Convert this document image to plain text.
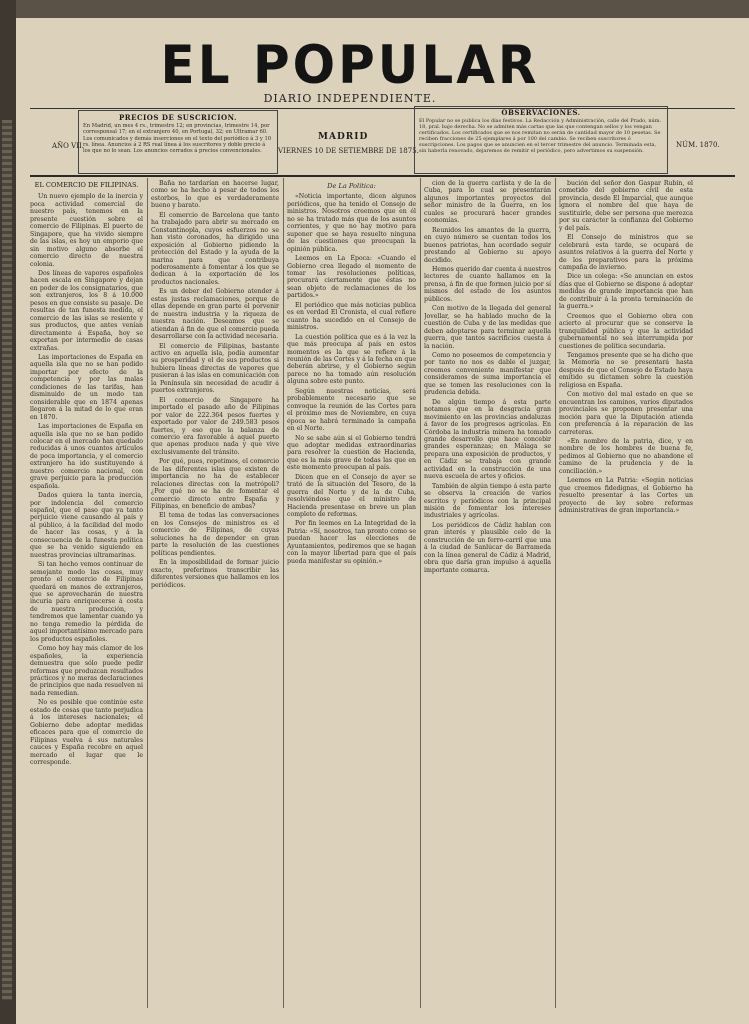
EL POPULAR
DIARIO INDEPENDIENTE.
PRECIOS DE SUSCRICION.
En Madrid, un mes 4 rs., trimestre 12; en provincias, trimestre 14, por corresponsal 17; en el extranjero 40, en Portugal, 32; en Ultramar 60. Los comunicados y demás inserciones en el texto del periódico á 3 y 10 rs. línea. Anuncios á 2 RS real línea á los suscritores y doble precio á los que no lo sean. Los anuncios cerrados á precios convencionales.
AÑO VII.
MADRID
VIERNES 10 DE SETIEMBRE DE 1875.
OBSERVACIONES.
El Popular no se publica los días festivos. La Redacción y Administración, calle del Prado, núm. 18, pral. bajo derecha. No se admiten más cartas que las que contengan sellos y los vengan certificados. Los certificados que se nos remitan no serán de cantidad mayor de 10 pesetas. Se reciben fracciones de 25 ejemplares á por 100 del cambio. Se reciben suscritores ó suscripciones. Los pagos que se anuncien en el tercer trimestre del anuncio. Terminada esta, sin haberla renovado, dejaremos de remitir el periódico, pero advertimos su suspensión.
NÚM. 1870.
EL COMERCIO DE FILIPINAS.

Un nuevo ejemplo de la inercia y poca actividad comercial de nuestro país, tenemos en la presente cuestión sobre el comercio de Filipinas. El puerto de Singapore, que ha vivido siempre de las islas, es hoy un emporio que sin motivo alguno absorbe el comercio directo de nuestra colonia.

Dos líneas de vapores españoles hacen escala en Singapore y dejan en poder de los consignatarios, que son extranjeros, los 8 á 10.000 pesos en que consiste su pasaje. De resultas de tan funesta medida, el comercio de las islas se resiente y sus productos, que antes venían directamente á España, hoy se exportan por intermedio de casas extrañas.

Las importaciones de España en aquella isla que no se han podido importar por efecto de la competencia y por las malas condiciones de las tarifas, han disminuido de un modo tan considerable que en 1874 apenas llegaron á la mitad de lo que eran en 1870.

Las importaciones de España en aquella isla que no se han podido colocar en el mercado han quedado reducidas á unos cuantos artículos de poca importancia, y el comercio extranjero ha ido sustituyendo á nuestro comercio nacional, con grave perjuicio para la producción española.

Dados quiera la tanta inercia, por indolencia del comercio español, que el paso que ya tanto perjuicio viene causando al país y al público, á la facilidad del modo de hacer las cosas, y á la consecuencia de la funesta política que se ha venido siguiendo en nuestras provincias ultramarinas.

Si tan hecho vemos continuar de semejante modo las cosas, muy pronto el comercio de Filipinas quedará en manos de extranjeros, que se aprovecharán de nuestra incuria para enriquecerse á costa de nuestra producción, y tendremos que lamentar cuando ya no tenga remedio la pérdida de aquel importantísimo mercado para los productos españoles.

Como hoy hay más clamor de los españoles, la experiencia demuestra que sólo puede pedir reformas que produzcan resultados prácticos y no meras declaraciones de principios que nada resuelven ni nada remedian.

No es posible que continúe este estado de cosas que tanto perjudica á los intereses nacionales; el Gobierno debe adoptar medidas eficaces para que el comercio de Filipinas vuelva á sus naturales cauces y España recobre en aquel mercado el lugar que le corresponde.

Baña no tardarían en hacerse lugar, como se ha hecho á pesar de todos los estorbos, lo que es verdaderamente bueno y barato.

El comercio de Barcelona que tanto ha trabajado para abrir su mercado en Constantinopla, cuyos esfuerzos no se han visto coronados, ha dirigido una exposición al Gobierno pidiendo la protección del Estado y la ayuda de la marina para que contribuya poderosamente á fomentar á los que se dedican á la exportación de los productos nacionales.

Es un deber del Gobierno atender á estas justas reclamaciones, porque de ellas depende en gran parte el porvenir de nuestra industria y la riqueza de nuestra nación. Deseamos que se atiendan á fin de que el comercio pueda desarrollarse con la actividad necesaria.

El comercio de Filipinas, bastante activo en aquella isla, podía aumentar su prosperidad y el de sus productos si hubiera líneas directas de vapores que pusieran á las islas en comunicación con la Península sin necesidad de acudir á puertos extranjeros.

El comercio de Singapore ha importado el pasado año de Filipinas por valor de 222.364 pesos fuertes y exportado por valor de 249.583 pesos fuertes, y eso que la balanza de comercio era favorable á aquel puerto que apenas produce nada y que vive exclusivamente del tránsito.

Por qué, pues, repetimos, el comercio de las diferentes islas que existen de importancia no ha de establecer relaciones directas con la metrópoli? ¿Por qué no se ha de fomentar el comercio directo entre España y Filipinas, en beneficio de ambas?

El tema de todas las conversaciones en los Consejos de ministros es el comercio de Filipinas, de cuyas soluciones ha de depender en gran parte la resolución de las cuestiones políticas pendientes.

En la imposibilidad de formar juicio exacto, preferimos transcribir las diferentes versiones que hallamos en los periódicos.

De La Política:

«Noticia importante, dicen algunos periódicos, que ha tenido el Consejo de ministros. Nosotros creemos que en él no se ha tratado más que de los asuntos corrientes, y que no hay motivo para suponer que se haya resuelto ninguna de las cuestiones que preocupan la opinión pública.

Leemos en La Época: «Cuando el Gobierno crea llegado el momento de tomar las resoluciones políticas, procurará ciertamente que éstas no sean objeto de reclamaciones de los partidos.»

El periódico que más noticias publica es en verdad El Cronista, el cual refiere cuanto ha sucedido en el Consejo de ministros.

La cuestión política que es á la vez la que más preocupa al país en estos momentos es la que se refiere á la reunión de las Cortes y á la fecha en que deberán abrirse, y el Gobierno según parece no ha tomado aún resolución alguna sobre este punto.

Según nuestras noticias, será probablemente necesario que se convoque la reunión de las Cortes para el próximo mes de Noviembre, en cuya época se habrá terminado la campaña en el Norte.

No se sabe aún si el Gobierno tendrá que adoptar medidas extraordinarias para resolver la cuestión de Hacienda, que es la más grave de todas las que en este momento preocupan al país.

Dicen que en el Consejo de ayer se trató de la situación del Tesoro, de la guerra del Norte y de la de Cuba, resolviéndose que el ministro de Hacienda presentase en breve un plan completo de reformas.

Por fin leemos en La Integridad de la Patria: «Sí, nosotros, tan pronto como se puedan hacer las elecciones de Ayuntamientos, pediremos que se hagan con la mayor libertad para que el país pueda manifestar su opinión.»

cion de la guerra carlista y de la de Cuba, para lo cual se presentarán algunos importantes proyectos del señor ministro de la Guerra, en los cuales se procurará hacer grandes economías.

Reunidos los amantes de la guerra, en cuyo número se cuentan todos los buenos patriotas, han acordado seguir prestando al Gobierno su apoyo decidido.

Hemos querido dar cuenta á nuestros lectores de cuanto hallamos en la prensa, á fin de que formen juicio por sí mismos del estado de los asuntos públicos.

Con motivo de la llegada del general Jovellar, se ha hablado mucho de la cuestión de Cuba y de las medidas que deben adoptarse para terminar aquella guerra, que tantos sacrificios cuesta á la nación.

Como no poseemos de competencia y por tanto no nos es dable el juzgar, creemos conveniente manifestar que consideramos de suma importancia el que se tomen las resoluciones con la prudencia debida.

De algún tiempo á esta parte notamos que en la desgracia gran movimiento en las provincias andaluzas á favor de los progresos agrícolas. En Córdoba la industria minera ha tomado grande desarrollo que hace concebir grandes esperanzas; en Málaga se prepara una exposición de productos, y en Cádiz se trabaja con grande actividad en la construcción de una nueva escuela de artes y oficios.

También de algún tiempo á esta parte se observa la creación de varios escritos y periódicos con la principal misión de fomentar los intereses industriales y agrícolas.

Los periódicos de Cádiz hablan con gran interés y plausible celo de la construcción de un ferro-carril que una á la ciudad de Sanlúcar de Barrameda con la línea general de Cádiz á Madrid, obra que daría gran impulso á aquella importante comarca.

bución del señor don Gaspar Rubín, el cometido del gobierno civil de esta provincia, desde El Imparcial, que aunque ignora el nombre del que haya de sustituirle, debe ser persona que merezca por su carácter la confianza del Gobierno y del país.

El Consejo de ministros que se celebrará esta tarde, se ocupará de asuntos relativos á la guerra del Norte y de los preparativos para la próxima campaña de invierno.

Dice un colega: «Se anuncian en estos días que el Gobierno se dispone á adoptar medidas de grande importancia que han de contribuir á la pronta terminación de la guerra.»

Creemos que el Gobierno obra con acierto al procurar que se conserve la tranquilidad pública y que la actividad gubernamental no sea interrumpida por cuestiones de política secundaria.

Tengamos presente que se ha dicho que la Memoria no se presentará hasta después de que el Consejo de Estado haya emitido su dictamen sobre la cuestión religiosa en España.

Con motivo del mal estado en que se encuentran los caminos, varios diputados provinciales se proponen presentar una moción para que la Diputación atienda con preferencia á la reparación de las carreteras.

«En nombre de la patria, dice, y en nombre de los hombres de buena fe, pedimos al Gobierno que no abandone el camino de la prudencia y de la conciliación.»

Leemos en La Patria: «Según noticias que creemos fidedignas, el Gobierno ha resuelto presentar á las Cortes un proyecto de ley sobre reformas administrativas de gran importancia.»
